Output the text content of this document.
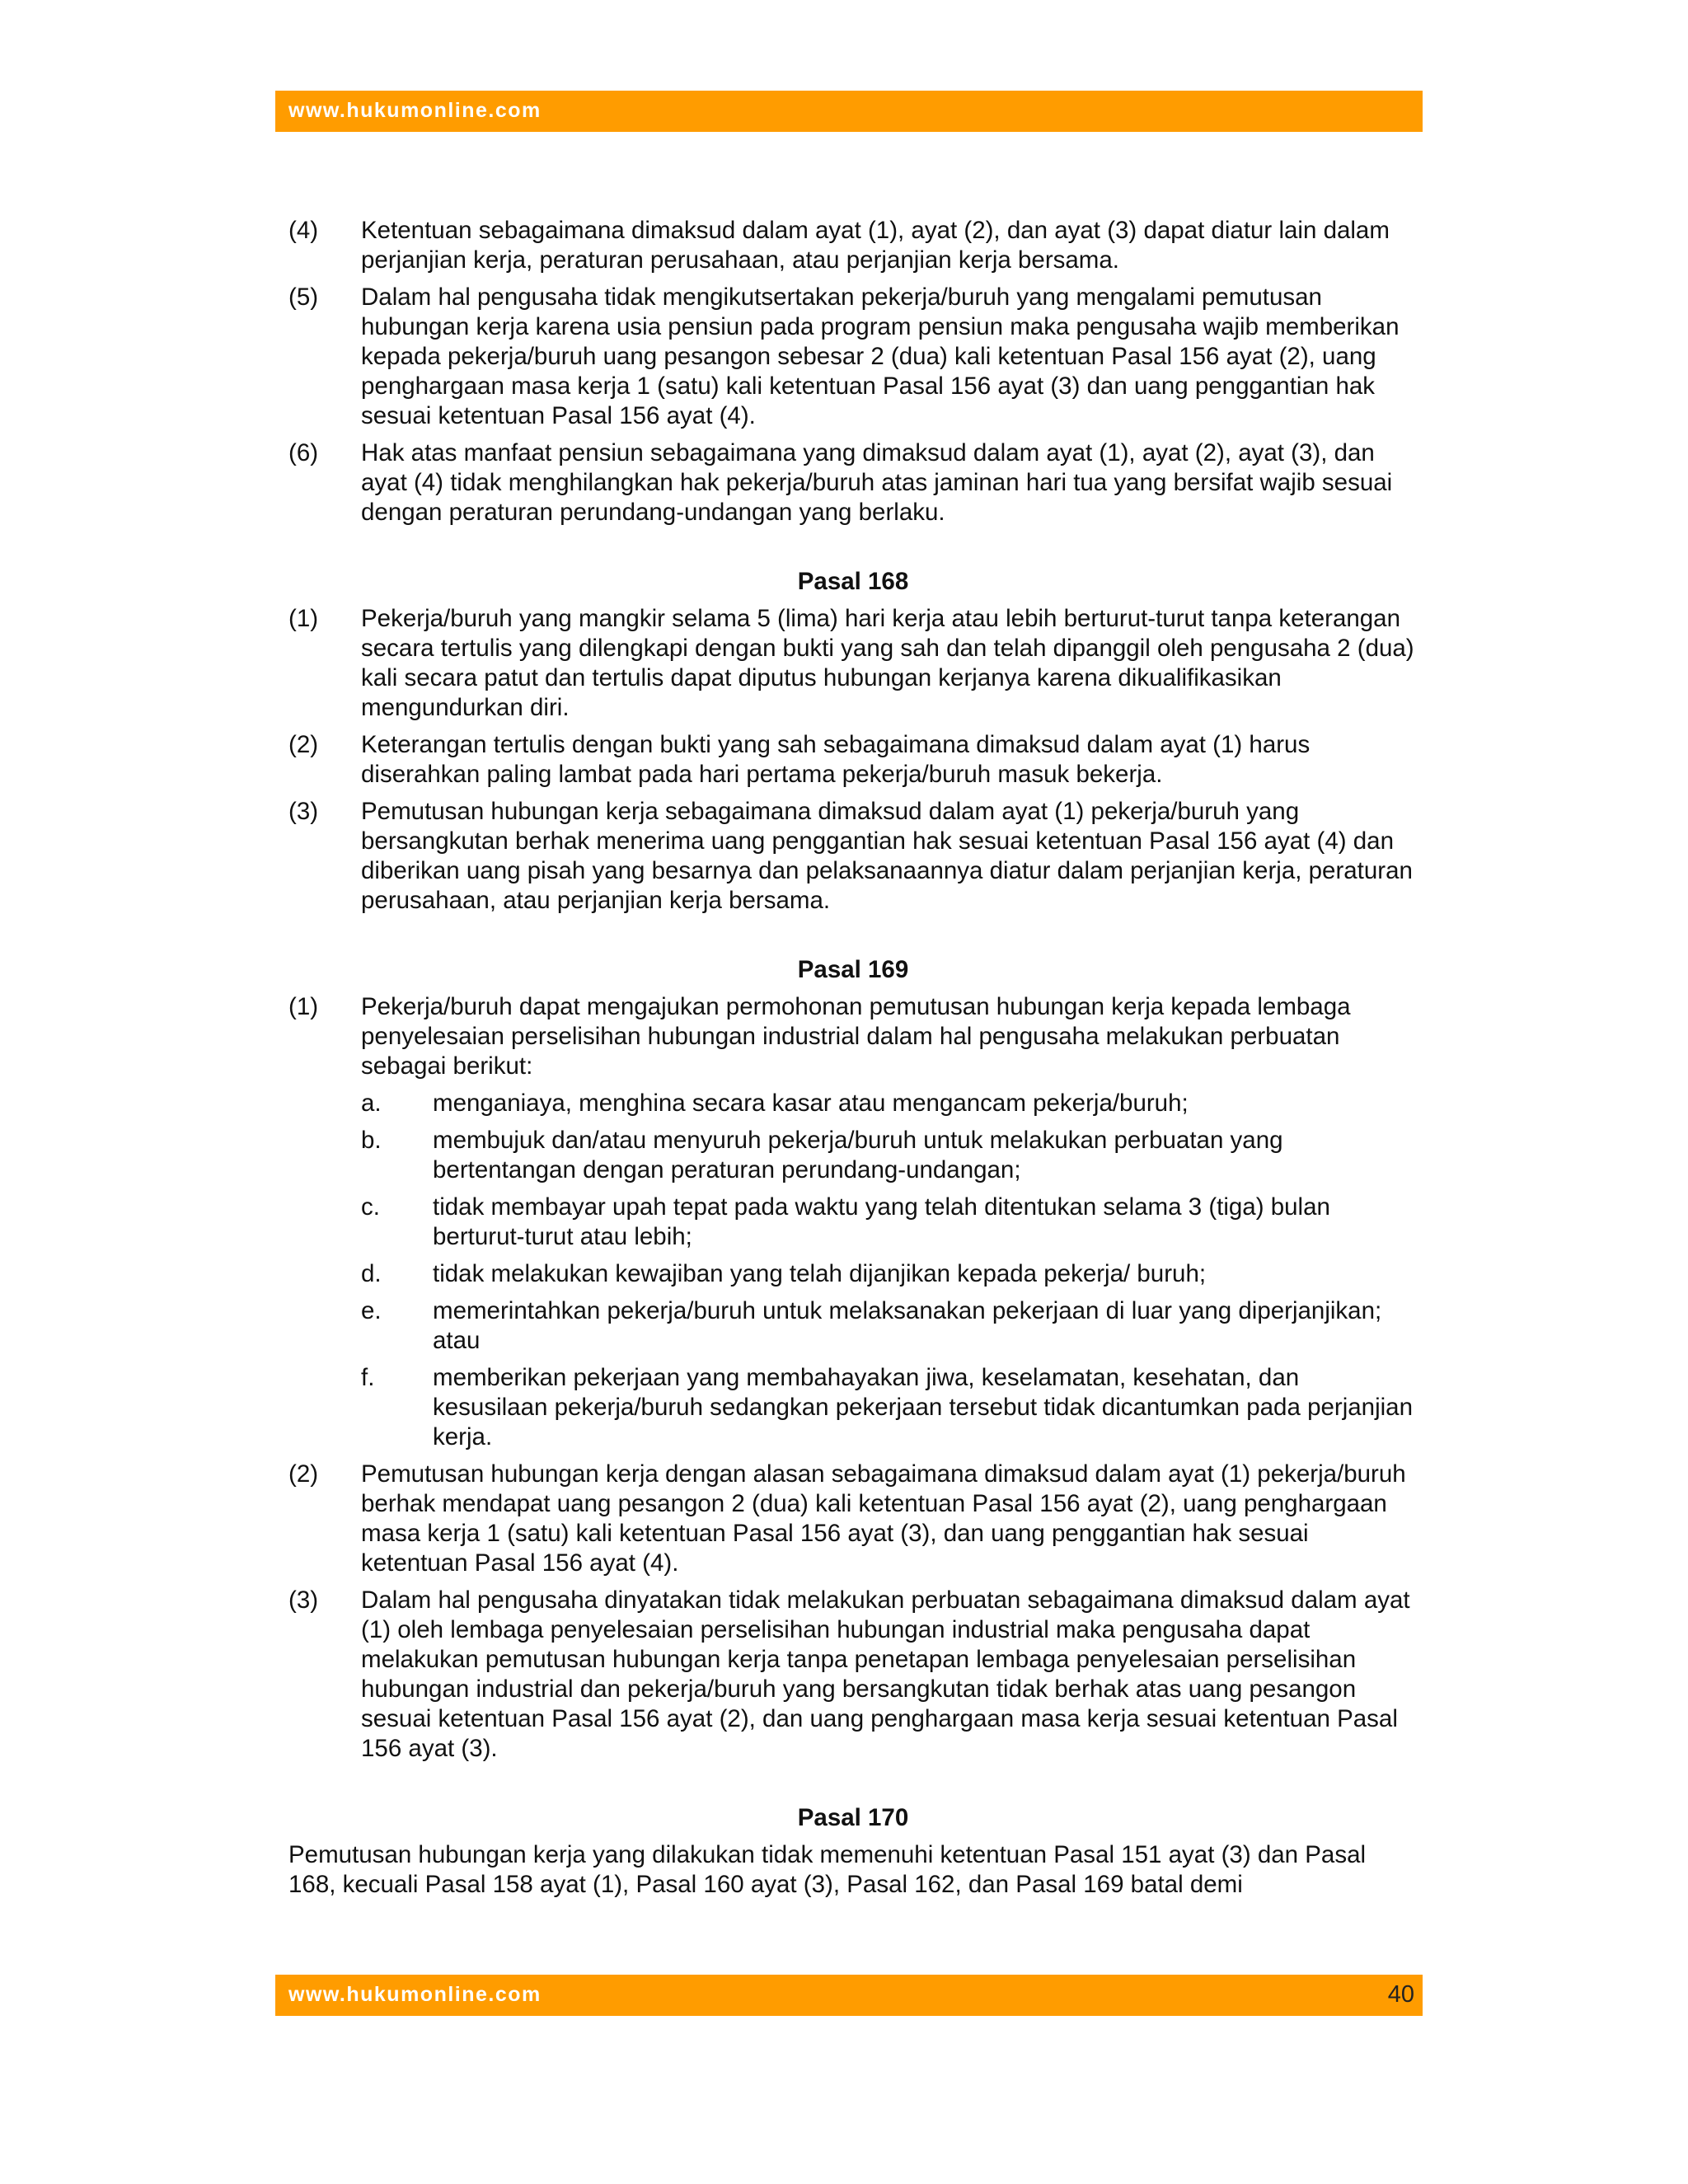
www.hukumonline.com
(4)	Ketentuan sebagaimana dimaksud dalam ayat (1), ayat (2), dan ayat (3) dapat diatur lain dalam perjanjian kerja, peraturan perusahaan, atau perjanjian kerja bersama.
(5)	Dalam hal pengusaha tidak mengikutsertakan pekerja/buruh yang mengalami pemutusan hubungan kerja karena usia pensiun pada program pensiun maka pengusaha wajib memberikan kepada pekerja/buruh uang pesangon sebesar 2 (dua) kali ketentuan Pasal 156 ayat (2), uang penghargaan masa kerja 1 (satu) kali ketentuan Pasal 156 ayat (3) dan uang penggantian hak sesuai ketentuan Pasal 156 ayat (4).
(6)	Hak atas manfaat pensiun sebagaimana yang dimaksud dalam ayat (1), ayat (2), ayat (3), dan ayat (4) tidak menghilangkan hak pekerja/buruh atas jaminan hari tua yang bersifat wajib sesuai dengan peraturan perundang-undangan yang berlaku.
Pasal 168
(1)	Pekerja/buruh yang mangkir selama 5 (lima) hari kerja atau lebih berturut-turut tanpa keterangan secara tertulis yang dilengkapi dengan bukti yang sah dan telah dipanggil oleh pengusaha 2 (dua) kali secara patut dan tertulis dapat diputus hubungan kerjanya karena dikualifikasikan mengundurkan diri.
(2)	Keterangan tertulis dengan bukti yang sah sebagaimana dimaksud dalam ayat (1) harus diserahkan paling lambat pada hari pertama pekerja/buruh masuk bekerja.
(3)	Pemutusan hubungan kerja sebagaimana dimaksud dalam ayat (1) pekerja/buruh yang bersangkutan berhak menerima uang penggantian hak sesuai ketentuan Pasal 156 ayat (4) dan diberikan uang pisah yang besarnya dan pelaksanaannya diatur dalam perjanjian kerja, peraturan perusahaan, atau perjanjian kerja bersama.
Pasal 169
(1)	Pekerja/buruh dapat mengajukan permohonan pemutusan hubungan kerja kepada lembaga penyelesaian perselisihan hubungan industrial dalam hal pengusaha melakukan perbuatan sebagai berikut:
a.	menganiaya, menghina secara kasar atau mengancam pekerja/buruh;
b.	membujuk dan/atau menyuruh pekerja/buruh untuk melakukan perbuatan yang bertentangan dengan peraturan perundang-undangan;
c.	tidak membayar upah tepat pada waktu yang telah ditentukan selama 3 (tiga) bulan berturut-turut atau lebih;
d.	tidak melakukan kewajiban yang telah dijanjikan kepada pekerja/ buruh;
e.	memerintahkan pekerja/buruh untuk melaksanakan pekerjaan di luar yang diperjanjikan; atau
f.	memberikan pekerjaan yang membahayakan jiwa, keselamatan, kesehatan, dan kesusilaan pekerja/buruh sedangkan pekerjaan tersebut tidak dicantumkan pada perjanjian kerja.
(2)	Pemutusan hubungan kerja dengan alasan sebagaimana dimaksud dalam ayat (1) pekerja/buruh berhak mendapat uang pesangon 2 (dua) kali ketentuan Pasal 156 ayat (2), uang penghargaan masa kerja 1 (satu) kali ketentuan Pasal 156 ayat (3), dan uang penggantian hak sesuai ketentuan Pasal 156 ayat (4).
(3)	Dalam hal pengusaha dinyatakan tidak melakukan perbuatan sebagaimana dimaksud dalam ayat (1) oleh lembaga penyelesaian perselisihan hubungan industrial maka pengusaha dapat melakukan pemutusan hubungan kerja tanpa penetapan lembaga penyelesaian perselisihan hubungan industrial dan pekerja/buruh yang bersangkutan tidak berhak atas uang pesangon sesuai ketentuan Pasal 156 ayat (2), dan uang penghargaan masa kerja sesuai ketentuan Pasal 156 ayat (3).
Pasal 170

Pemutusan hubungan kerja yang dilakukan tidak memenuhi ketentuan Pasal 151 ayat (3) dan Pasal 168, kecuali Pasal 158 ayat (1), Pasal 160 ayat (3), Pasal 162, dan Pasal 169 batal demi

www.hukumonline.com	40
